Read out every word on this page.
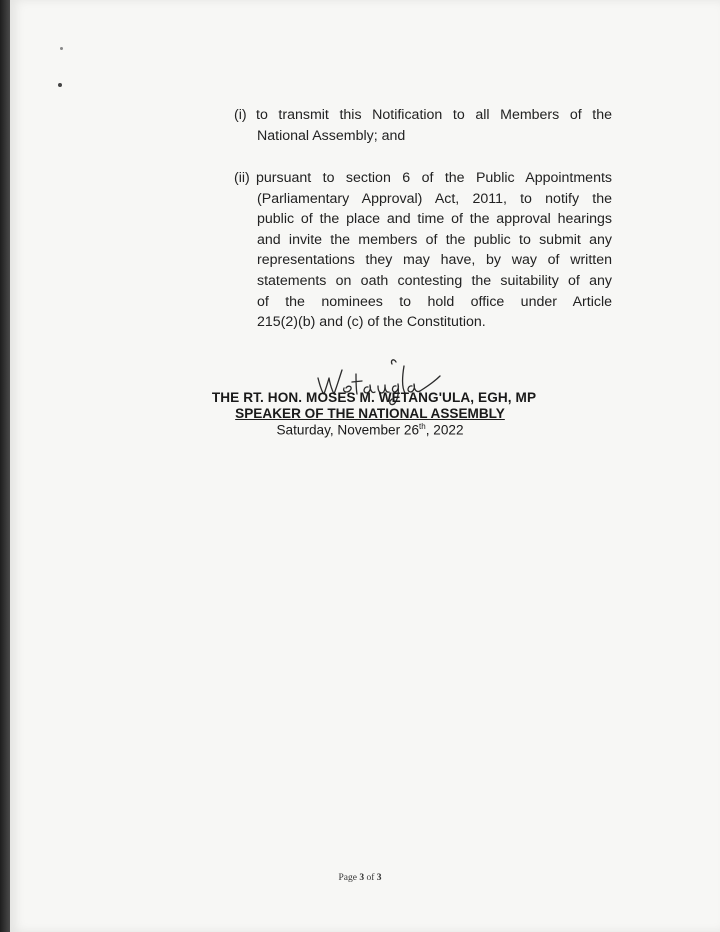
(i) to transmit this Notification to all Members of the
National Assembly; and
(ii) pursuant to section 6 of the Public Appointments
(Parliamentary Approval) Act, 2011, to notify the
public of the place and time of the approval hearings
and invite the members of the public to submit any
representations they may have, by way of written
statements on oath contesting the suitability of any
of the nominees to hold office under Article
215(2)(b) and (c) of the Constitution.
THE RT. HON. MOSES M. WETANG'ULA, EGH, MP
SPEAKER OF THE NATIONAL ASSEMBLY
Saturday, November 26th, 2022
Page 3 of 3
